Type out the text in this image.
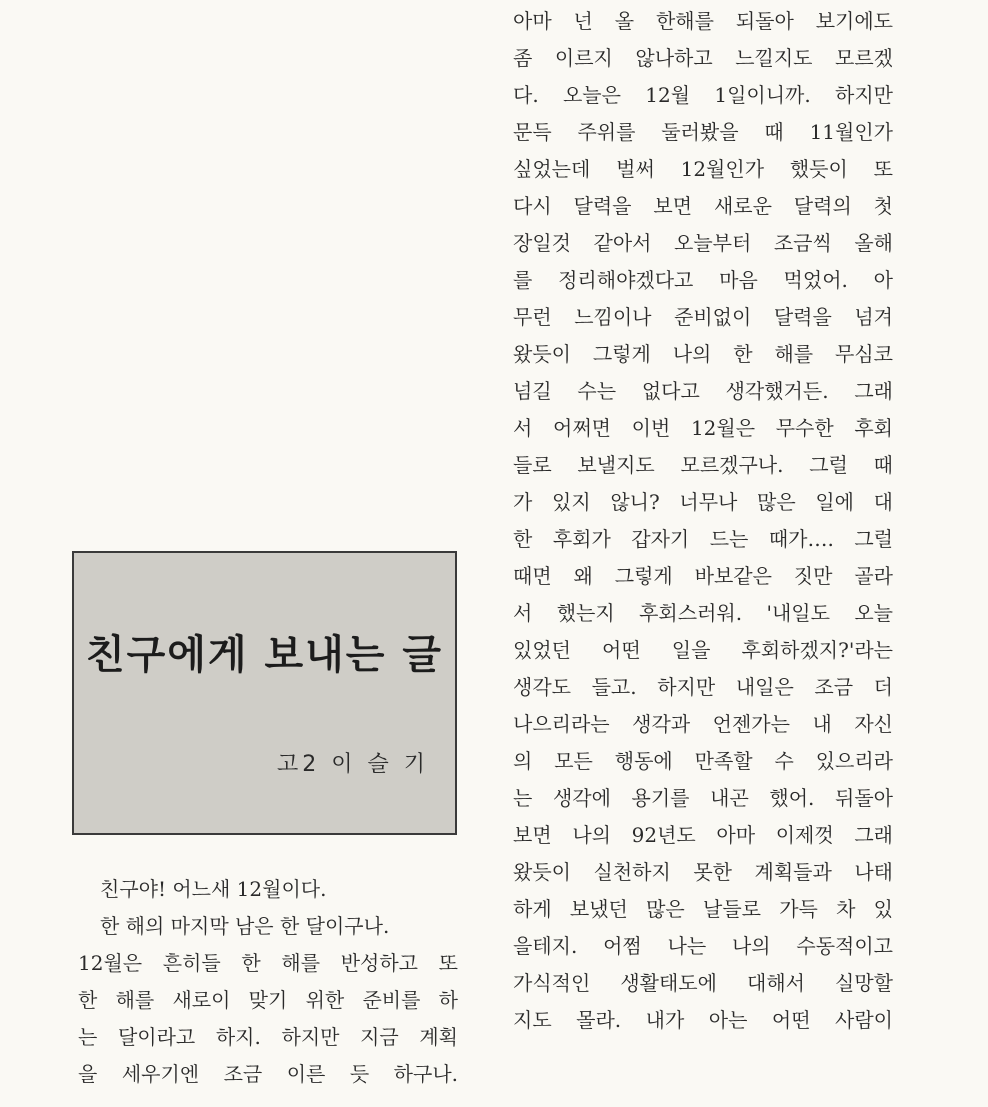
친구에게 보내는 글
고2 이 슬 기
친구야! 어느새 12월이다.
한 해의 마지막 남은 한 달이구나.
12월은 흔히들 한 해를 반성하고 또
한 해를 새로이 맞기 위한 준비를 하
는 달이라고 하지. 하지만 지금 계획
을 세우기엔 조금 이른 듯 하구나.
아마 넌 올 한해를 되돌아 보기에도
좀 이르지 않나하고 느낄지도 모르겠
다. 오늘은 12월 1일이니까. 하지만
문득 주위를 둘러봤을 때 11월인가
싶었는데 벌써 12월인가 했듯이 또
다시 달력을 보면 새로운 달력의 첫
장일것 같아서 오늘부터 조금씩 올해
를 정리해야겠다고 마음 먹었어. 아
무런 느낌이나 준비없이 달력을 넘겨
왔듯이 그렇게 나의 한 해를 무심코
넘길 수는 없다고 생각했거든. 그래
서 어쩌면 이번 12월은 무수한 후회
들로 보낼지도 모르겠구나. 그럴 때
가 있지 않니? 너무나 많은 일에 대
한 후회가 갑자기 드는 때가…. 그럴
때면 왜 그렇게 바보같은 짓만 골라
서 했는지 후회스러워. '내일도 오늘
있었던 어떤 일을 후회하겠지?'라는
생각도 들고. 하지만 내일은 조금 더
나으리라는 생각과 언젠가는 내 자신
의 모든 행동에 만족할 수 있으리라
는 생각에 용기를 내곤 했어. 뒤돌아
보면 나의 92년도 아마 이제껏 그래
왔듯이 실천하지 못한 계획들과 나태
하게 보냈던 많은 날들로 가득 차 있
을테지. 어쩜 나는 나의 수동적이고
가식적인 생활태도에 대해서 실망할
지도 몰라. 내가 아는 어떤 사람이
